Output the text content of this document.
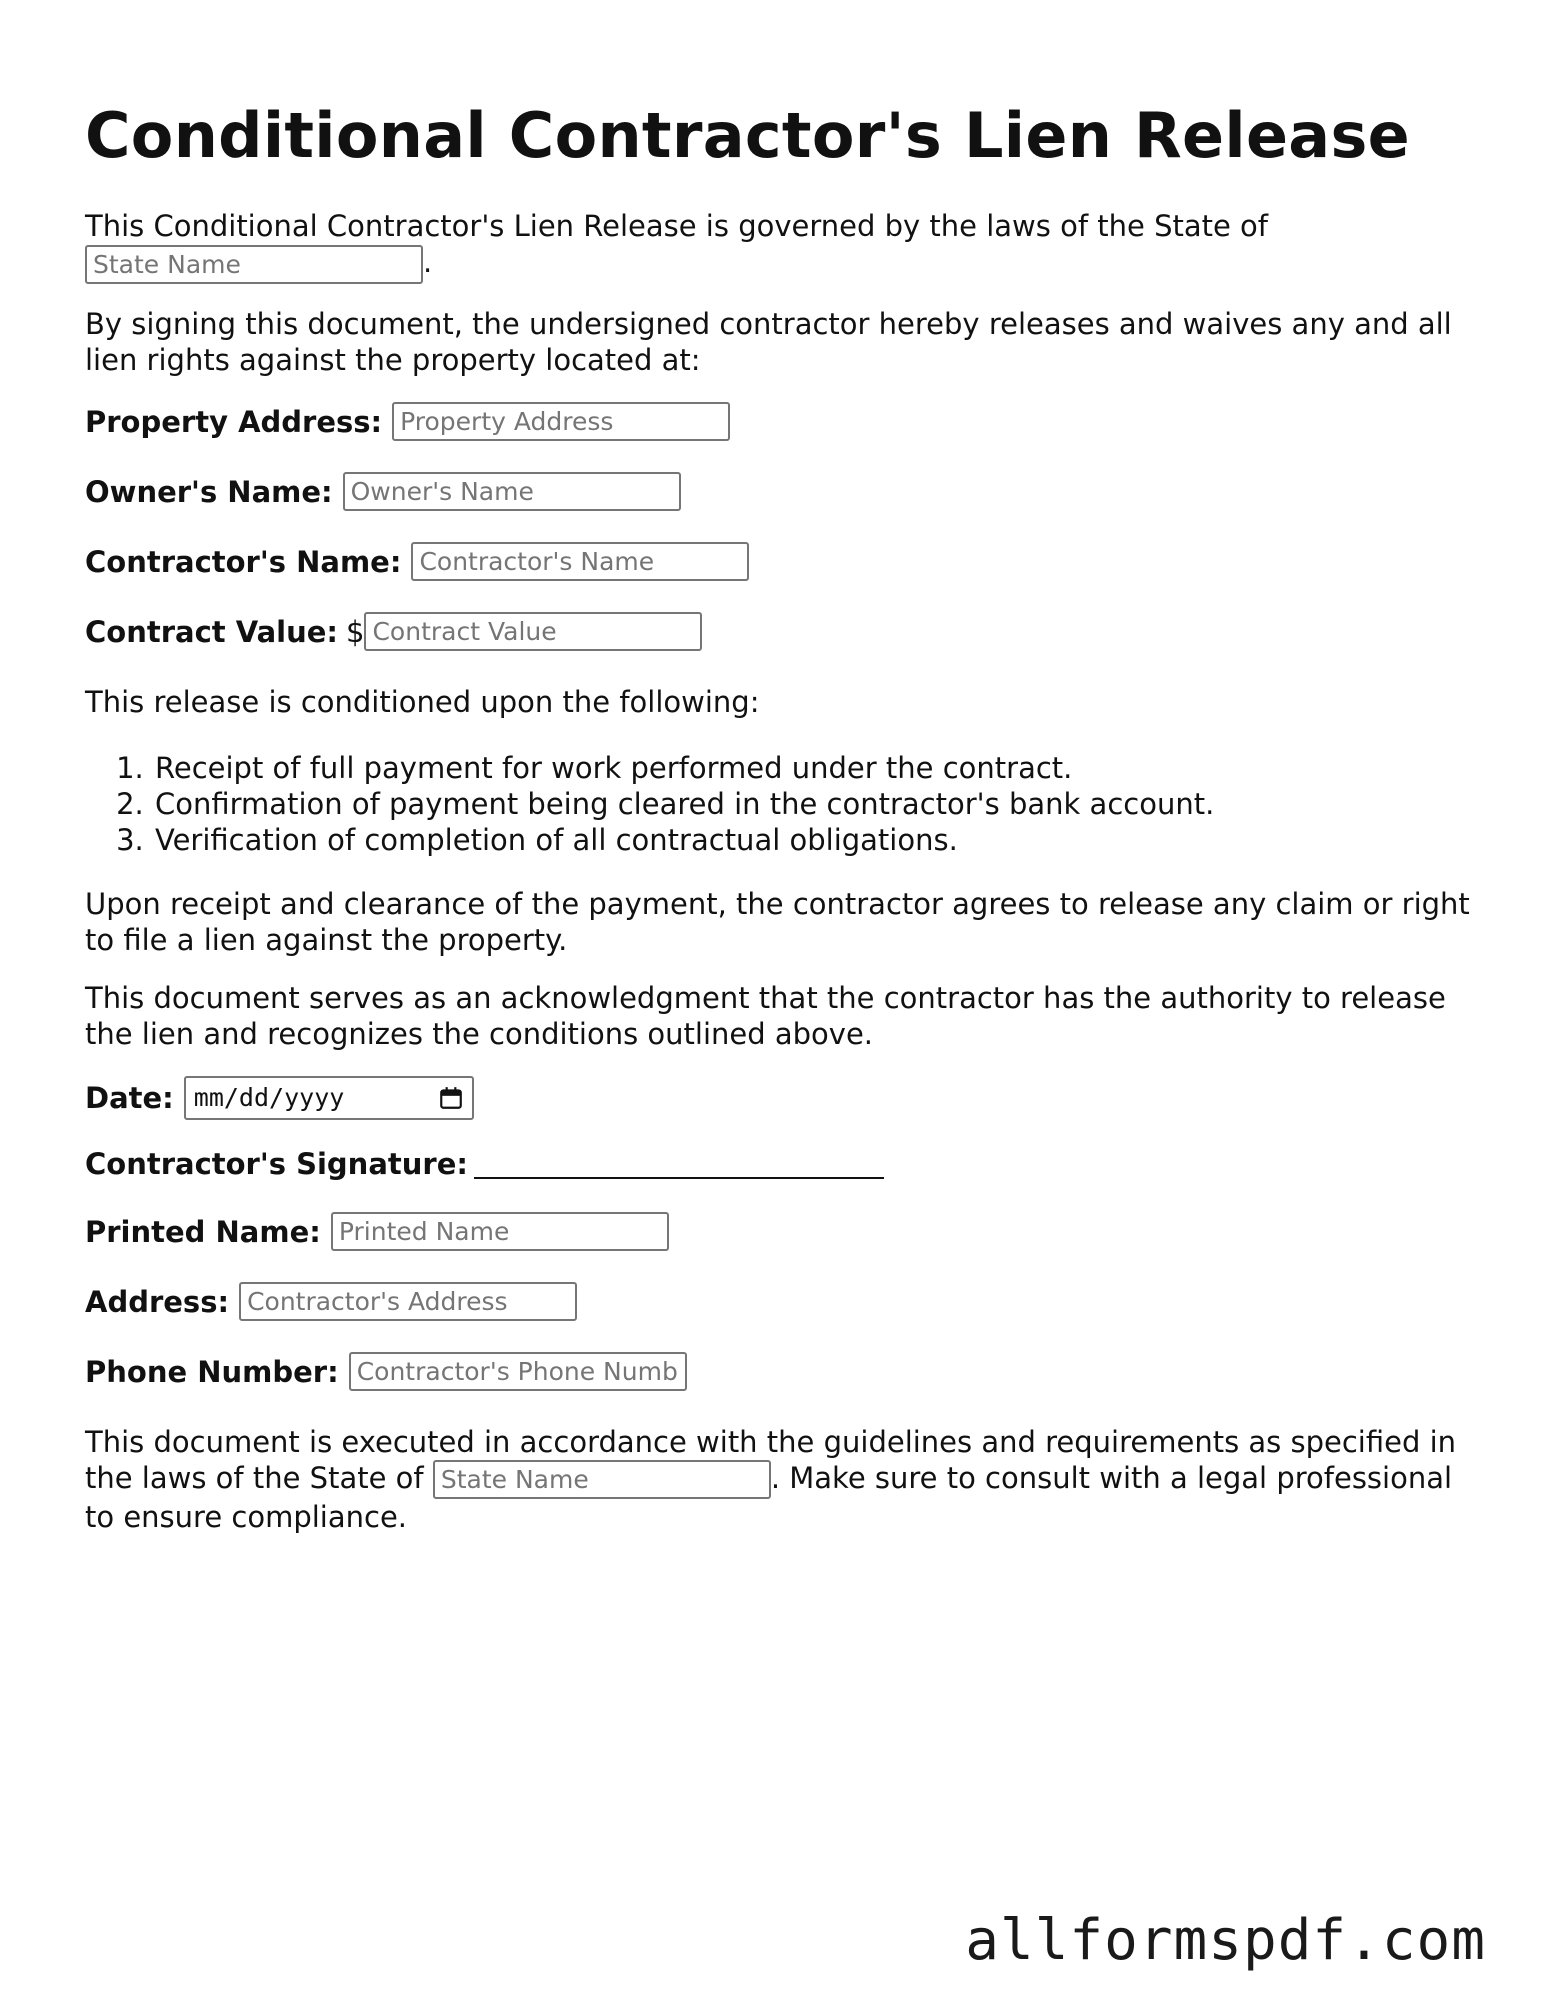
Conditional Contractor's Lien Release

This Conditional Contractor's Lien Release is governed by the laws of the State of
State Name.

By signing this document, the undersigned contractor hereby releases and waives any and all lien rights against the property located at:

Property Address:
Property Address
Owner's Name:
Owner's Name
Contractor's Name:
Contractor's Name
Contract Value: $
Contract Value

This release is conditioned upon the following:

1. Receipt of full payment for work performed under the contract.
2. Confirmation of payment being cleared in the contractor's bank account.
3. Verification of completion of all contractual obligations.

Upon receipt and clearance of the payment, the contractor agrees to release any claim or right to file a lien against the property.

This document serves as an acknowledgment that the contractor has the authority to release the lien and recognizes the conditions outlined above.

Date: mm/dd/yyyy
Contractor's Signature:
Printed Name:
Printed Name
Address:
Contractor's Address
Phone Number:
Contractor's Phone Number

This document is executed in accordance with the guidelines and requirements as specified in the laws of the State of State Name	. Make sure to consult with a legal professional to ensure compliance.

allformspdf.com
